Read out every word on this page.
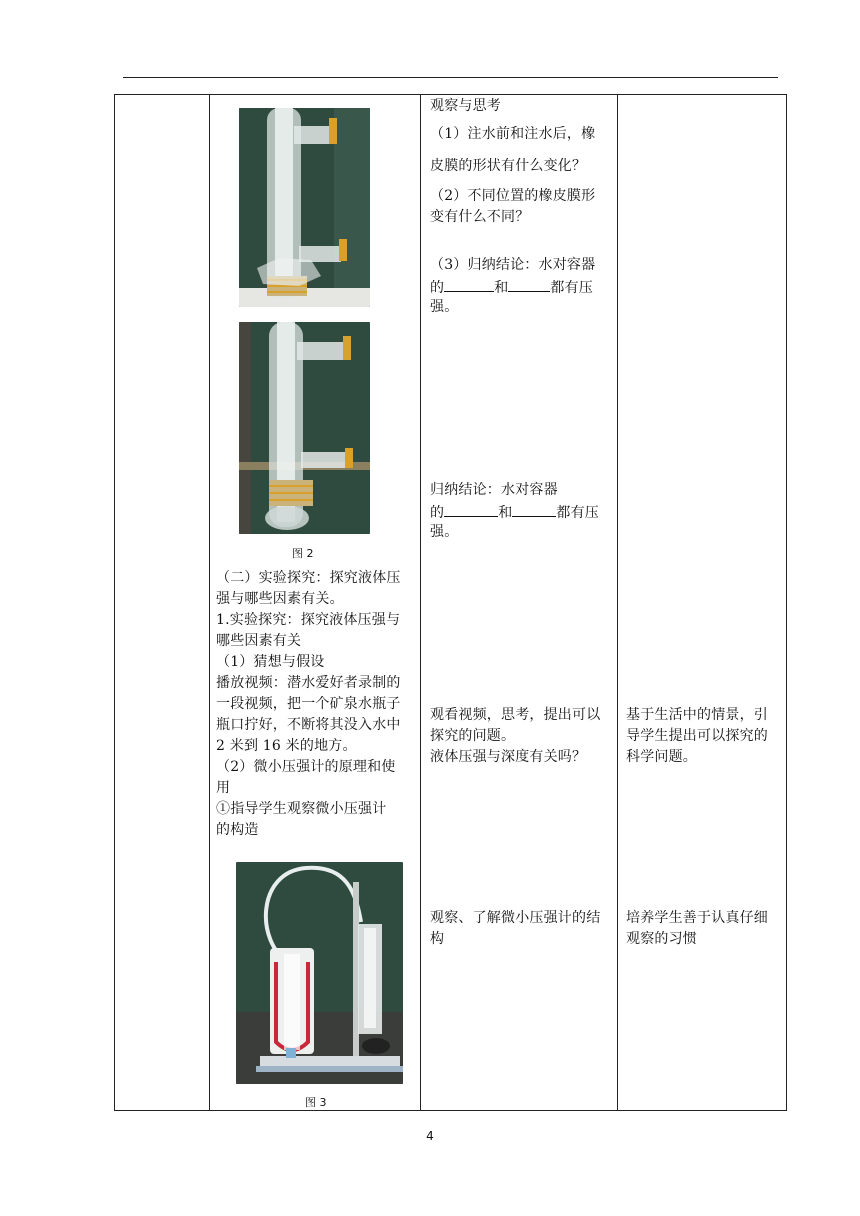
图 2
（二）实验探究：探究液体压
强与哪些因素有关。
1.实验探究：探究液体压强与
哪些因素有关
（1）猜想与假设
播放视频：潜水爱好者录制的
一段视频，把一个矿泉水瓶子
瓶口拧好，不断将其没入水中
2 米到 16 米的地方。
（2）微小压强计的原理和使
用
①指导学生观察微小压强计
的构造
图 3

观察与思考
（1）注水前和注水后，橡
皮膜的形状有什么变化？
（2）不同位置的橡皮膜形
变有什么不同？
（3）归纳结论：水对容器
的	和	都有压
强。
归纳结论：水对容器
的	和	都有压
强。
观看视频，思考，提出可以
探究的问题。
液体压强与深度有关吗？
观察、了解微小压强计的结
构

基于生活中的情景，引
导学生提出可以探究的
科学问题。
培养学生善于认真仔细
观察的习惯
4
